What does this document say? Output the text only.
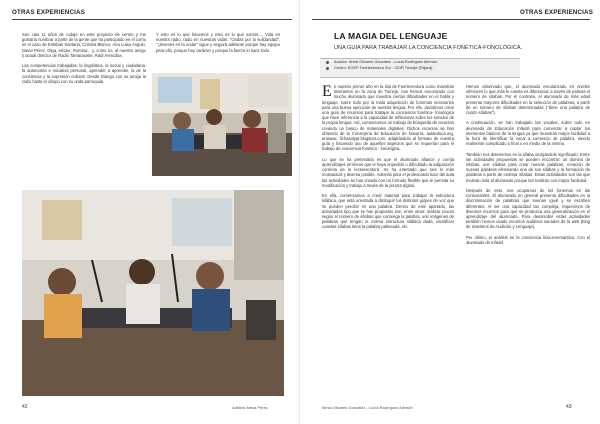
OTRAS EXPERIENCIAS

Son casi 11 años de rodaje en este proyecto de centro y me gustaría nombrar a parte de la gente que ha participado en el como es el caso de Esteban Santana, Cristina Blanco, Ana Luisa Angulo, David Pérez, Olga, Héctor, Romina... y, como no, al nuestro amigo y actual director de Radio Tamaraceite, Raúl Arencibia.

Las competencias trabajadas: la lingüística, la social y ciudadana, la autonomía e iniciativa personal, aprender a aprender, la de la conciencia y la expresión cultural. Desde Diango con su amiga la radio hasta el olisipo con su onda parroquial.

Y esto es lo que hacemos y esto es lo que somos.... Vida en nuestra radio, radio en nuestras vidas. "Ondas por la solidaridad", "¡Jóvenes en la onda!" sigue y seguirá adelante porque hay equipo para ello, porque hay carácter y porque la fuerza lo hace todo.

42	Adelina Mesa Pérez
OTRAS EXPERIENCIAS
LA MAGIA DEL LENGUAJE
UNA GUÍA PARA TRABAJAR LA CONCIENCIA FONÉTICA-FONOLÓGICA.
Autoría: Ilenia Olivares González - Lucía Rodríguez Alemán.
Centro: EOEP Fuerteventura Sur - CEIR Tuineje (Pájara).

En nuestro primer año en la isla de Fuerteventura como maestras itinerantes en la zona de Tuineje, nos hemos encontrado con mucho alumnado que muestra ciertas dificultades en el habla y lenguaje, sobre todo por la mala adquisición de fonemas necesarios para una buena ejecución de nuestra lengua. Por ello, decidimos crear una guía de recursos para trabajar la conciencia fonética- fonológica que hace referencia a la capacidad de reflexionar sobre los sonidos de la propia lengua. Así, comenzamos un trabajo de búsqueda de recursos creando un banco de materiales digitales. Dichos recursos se han obtenido de la Consejería de Educación de Navarra, aulaeduca.org, arasaac, fichasalypt.blogspot.com, adaptándolo al formato de nuestra guía y haciendo uso de aquellos aspectos que se requerían para el trabajo de conciencia fonética - fonológica.

Lo que se ha pretendido es que el alumnado afiance y corrija aprendizajes erróneos que le haya impedido o dificultado la adquisición correcta de la lectoescritura. Se ha intentado que sea lo más motivadora y diversa posible. Además para el profesorado tutor del aula las actividades se han creado con un formato flexible que le permita su modificación y trabajo a través de la pizarra digital.

En ella, comenzamos a crear material para trabajar la estructura silábica, que está orientada a distinguir los distintos golpes de voz que se pueden percibir en una palabra. Dentro de este apartado, las actividades tipo que se han propuesto son, entre otras: realizar cruces según el número de sílabas que contenga la palabra, unir imágenes de palabras que tengan la misma estructura silábica dada, identificar cuantas sílabas tiene la palabra palmeada, etc.

Hemos observado que, el alumnado escolarizado en niveles inferiores lo que más le cuesta es diferenciar a través de palmas el número de sílabas. Por el contrario, el alumnado de más edad presenta mayores dificultades en la selección de palabras, a partir de un número de sílabas determinadas ("dime una palabra de cuatro sílabas").

A continuación, se han trabajado las vocales, sobre todo en alumnado de Educación Infantil para comenzar a captar los elementos básicos de la lengua ya que muestran mayor facilidad a la hora de identificar la vocal a comienzo de palabra, siendo realmente complicado a final o en medio de la misma.

También nos detenemos en la sílaba otorgándole significado. Entre las actividades propuestas se pueden encontrar: un dominó de sílabas, unir sílabas para crear nuevas palabras, creación de nuevas palabras eliminando una de sus sílabas y la formación de palabras a partir de ordenar sílabas. Estas actividades son las que motivan más al alumnado porque las realizan con mayor facilidad.

Después de esto, nos ocupamos de los fonemas en las consonantes. El alumnado en general presenta dificultades en la discriminación de palabras que suenan igual y se escriben diferentes. Al ser una capacidad tan compleja, requerimos de diversos recursos para que se produzca una generalización en el aprendizaje del alumnado. Para desarrollar estas actividades también hemos usado recursos auditivos sacados de la web (blog de maestros de Audición y Lenguaje).

Por último, el análisis en la conciencia léxica-semántica. Con el alumnado de Infantil

Ilenia Olivares González - Lucía Rodríguez Alemán	43
